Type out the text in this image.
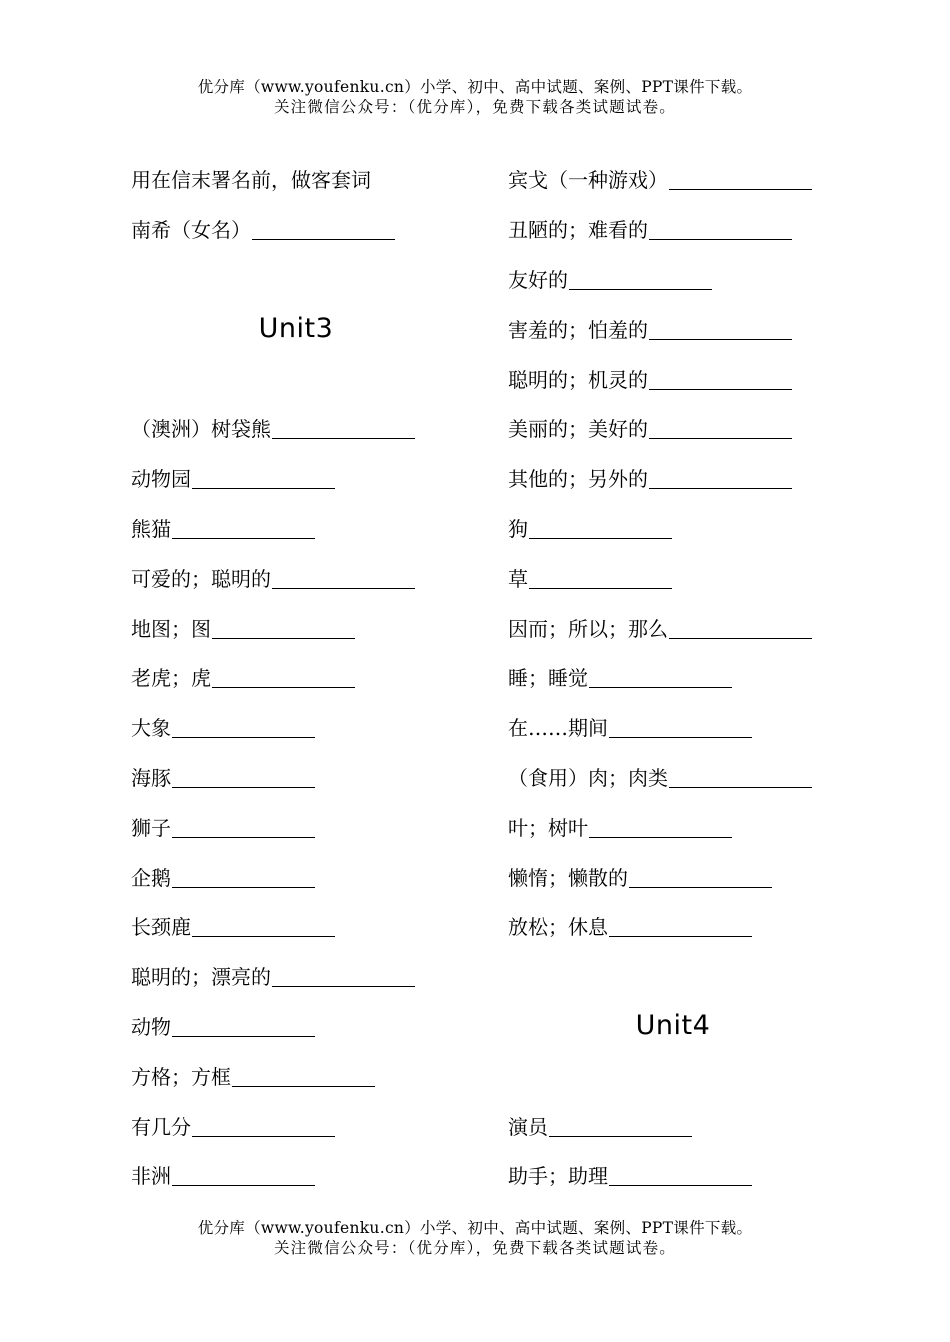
优分库（www.youfenku.cn）小学、初中、高中试题、案例、PPT课件下载。
关注微信公众号：（优分库），免费下载各类试题试卷。
用在信末署名前，做客套词
南希（女名）
Unit3
（澳洲）树袋熊
动物园
熊猫
可爱的；聪明的
地图；图
老虎；虎
大象
海豚
狮子
企鹅
长颈鹿
聪明的；漂亮的
动物
方格；方框
有几分
非洲
宾戈（一种游戏）
丑陋的；难看的
友好的
害羞的；怕羞的
聪明的；机灵的
美丽的；美好的
其他的；另外的
狗
草
因而；所以；那么
睡；睡觉
在……期间
（食用）肉；肉类
叶；树叶
懒惰；懒散的
放松；休息
Unit4
演员
助手；助理
优分库（www.youfenku.cn）小学、初中、高中试题、案例、PPT课件下载。
关注微信公众号：（优分库），免费下载各类试题试卷。
